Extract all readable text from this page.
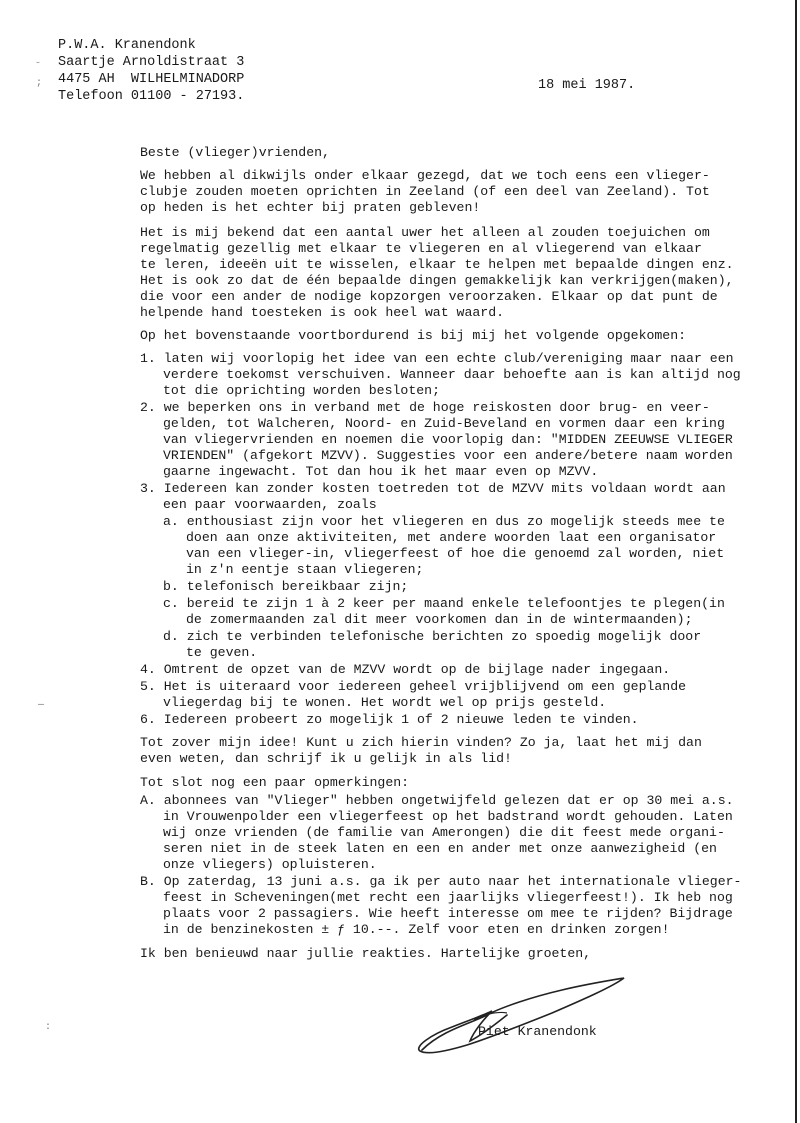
P.W.A. Kranendonk
Saartje Arnoldistraat 3
4475 AH  WILHELMINADORP
Telefoon 01100 - 27193.
18 mei 1987.
˘
;
Beste (vlieger)vrienden,
We hebben al dikwijls onder elkaar gezegd, dat we toch eens een vlieger-
clubje zouden moeten oprichten in Zeeland (of een deel van Zeeland). Tot
op heden is het echter bij praten gebleven!
Het is mij bekend dat een aantal uwer het alleen al zouden toejuichen om
regelmatig gezellig met elkaar te vliegeren en al vliegerend van elkaar
te leren, ideeën uit te wisselen, elkaar te helpen met bepaalde dingen enz.
Het is ook zo dat de één bepaalde dingen gemakkelijk kan verkrijgen(maken),
die voor een ander de nodige kopzorgen veroorzaken. Elkaar op dat punt de
helpende hand toesteken is ook heel wat waard.
Op het bovenstaande voortbordurend is bij mij het volgende opgekomen:
1. laten wij voorlopig het idee van een echte club/vereniging maar naar een
verdere toekomst verschuiven. Wanneer daar behoefte aan is kan altijd nog
tot die oprichting worden besloten;
2. we beperken ons in verband met de hoge reiskosten door brug- en veer-
gelden, tot Walcheren, Noord- en Zuid-Beveland en vormen daar een kring
van vliegervrienden en noemen die voorlopig dan: "MIDDEN ZEEUWSE VLIEGER
VRIENDEN" (afgekort MZVV). Suggesties voor een andere/betere naam worden
gaarne ingewacht. Tot dan hou ik het maar even op MZVV.
3. Iedereen kan zonder kosten toetreden tot de MZVV mits voldaan wordt aan
een paar voorwaarden, zoals
a. enthousiast zijn voor het vliegeren en dus zo mogelijk steeds mee te
doen aan onze aktiviteiten, met andere woorden laat een organisator
van een vlieger-in, vliegerfeest of hoe die genoemd zal worden, niet
in z'n eentje staan vliegeren;
b. telefonisch bereikbaar zijn;
c. bereid te zijn 1 à 2 keer per maand enkele telefoontjes te plegen(in
de zomermaanden zal dit meer voorkomen dan in de wintermaanden);
d. zich te verbinden telefonische berichten zo spoedig mogelijk door
te geven.
4. Omtrent de opzet van de MZVV wordt op de bijlage nader ingegaan.
5. Het is uiteraard voor iedereen geheel vrijblijvend om een geplande
vliegerdag bij te wonen. Het wordt wel op prijs gesteld.
6. Iedereen probeert zo mogelijk 1 of 2 nieuwe leden te vinden.
—
Tot zover mijn idee! Kunt u zich hierin vinden? Zo ja, laat het mij dan
even weten, dan schrijf ik u gelijk in als lid!
Tot slot nog een paar opmerkingen:
A. abonnees van "Vlieger" hebben ongetwijfeld gelezen dat er op 30 mei a.s.
in Vrouwenpolder een vliegerfeest op het badstrand wordt gehouden. Laten
wij onze vrienden (de familie van Amerongen) die dit feest mede organi-
seren niet in de steek laten en een en ander met onze aanwezigheid (en
onze vliegers) opluisteren.
B. Op zaterdag, 13 juni a.s. ga ik per auto naar het internationale vlieger-
feest in Scheveningen(met recht een jaarlijks vliegerfeest!). Ik heb nog
plaats voor 2 passagiers. Wie heeft interesse om mee te rijden? Bijdrage
in de benzinekosten ± ƒ 10.--. Zelf voor eten en drinken zorgen!
Ik ben benieuwd naar jullie reakties. Hartelijke groeten,
:	Piet Kranendonk
